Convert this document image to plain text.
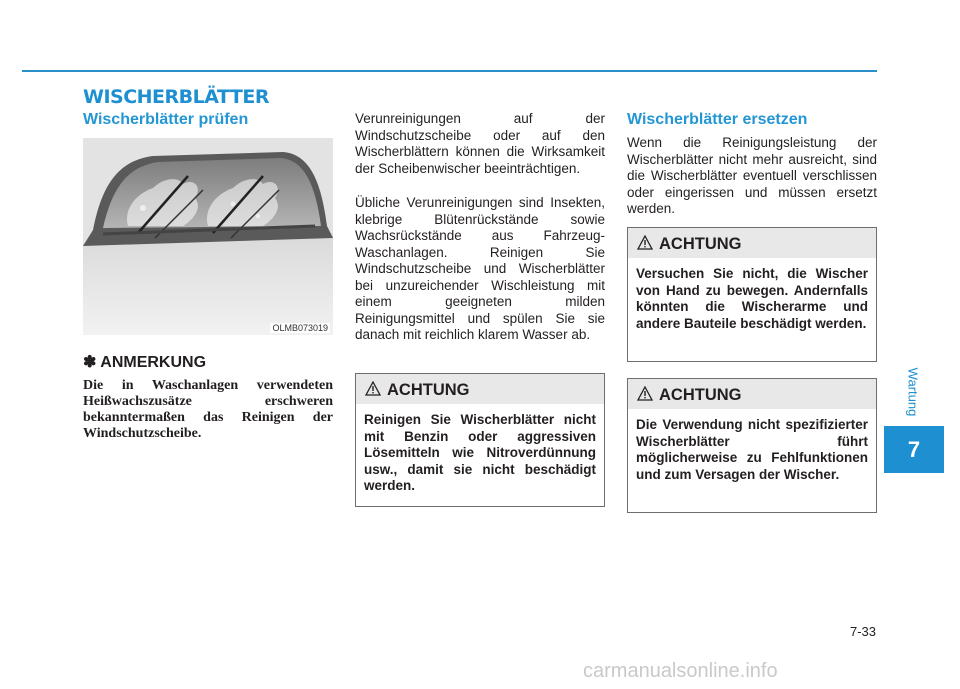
WISCHERBLÄTTER
Wischerblätter prüfen
OLMB073019
✽ ANMERKUNG

Die in Waschanlagen verwendeten Heißwachszusätze erschweren bekanntermaßen das Reinigen der Windschutzscheibe.

Verunreinigungen auf der Windschutzscheibe oder auf den Wischerblättern können die Wirksamkeit der Scheibenwischer beeinträchtigen.

Übliche Verunreinigungen sind Insekten, klebrige Blütenrückstände sowie Wachsrückstände aus Fahrzeug-Waschanlagen. Reinigen Sie Windschutzscheibe und Wischerblätter bei unzureichender Wischleistung mit einem geeigneten milden Reinigungsmittel und spülen Sie sie danach mit reichlich klarem Wasser ab.

ACHTUNG
Reinigen Sie Wischerblätter nicht mit Benzin oder aggressiven Lösemitteln wie Nitroverdünnung usw., damit sie nicht beschädigt werden.
Wischerblätter ersetzen

Wenn die Reinigungsleistung der Wischerblätter nicht mehr ausreicht, sind die Wischerblätter eventuell verschlissen oder eingerissen und müssen ersetzt werden.

ACHTUNG
Versuchen Sie nicht, die Wischer von Hand zu bewegen. Andernfalls könnten die Wischerarme und andere Bauteile beschädigt werden.
ACHTUNG
Die Verwendung nicht spezifizierter Wischerblätter führt möglicherweise zu Fehlfunktionen und zum Versagen der Wischer.
Wartung
7
7-33
carmanualsonline.info
